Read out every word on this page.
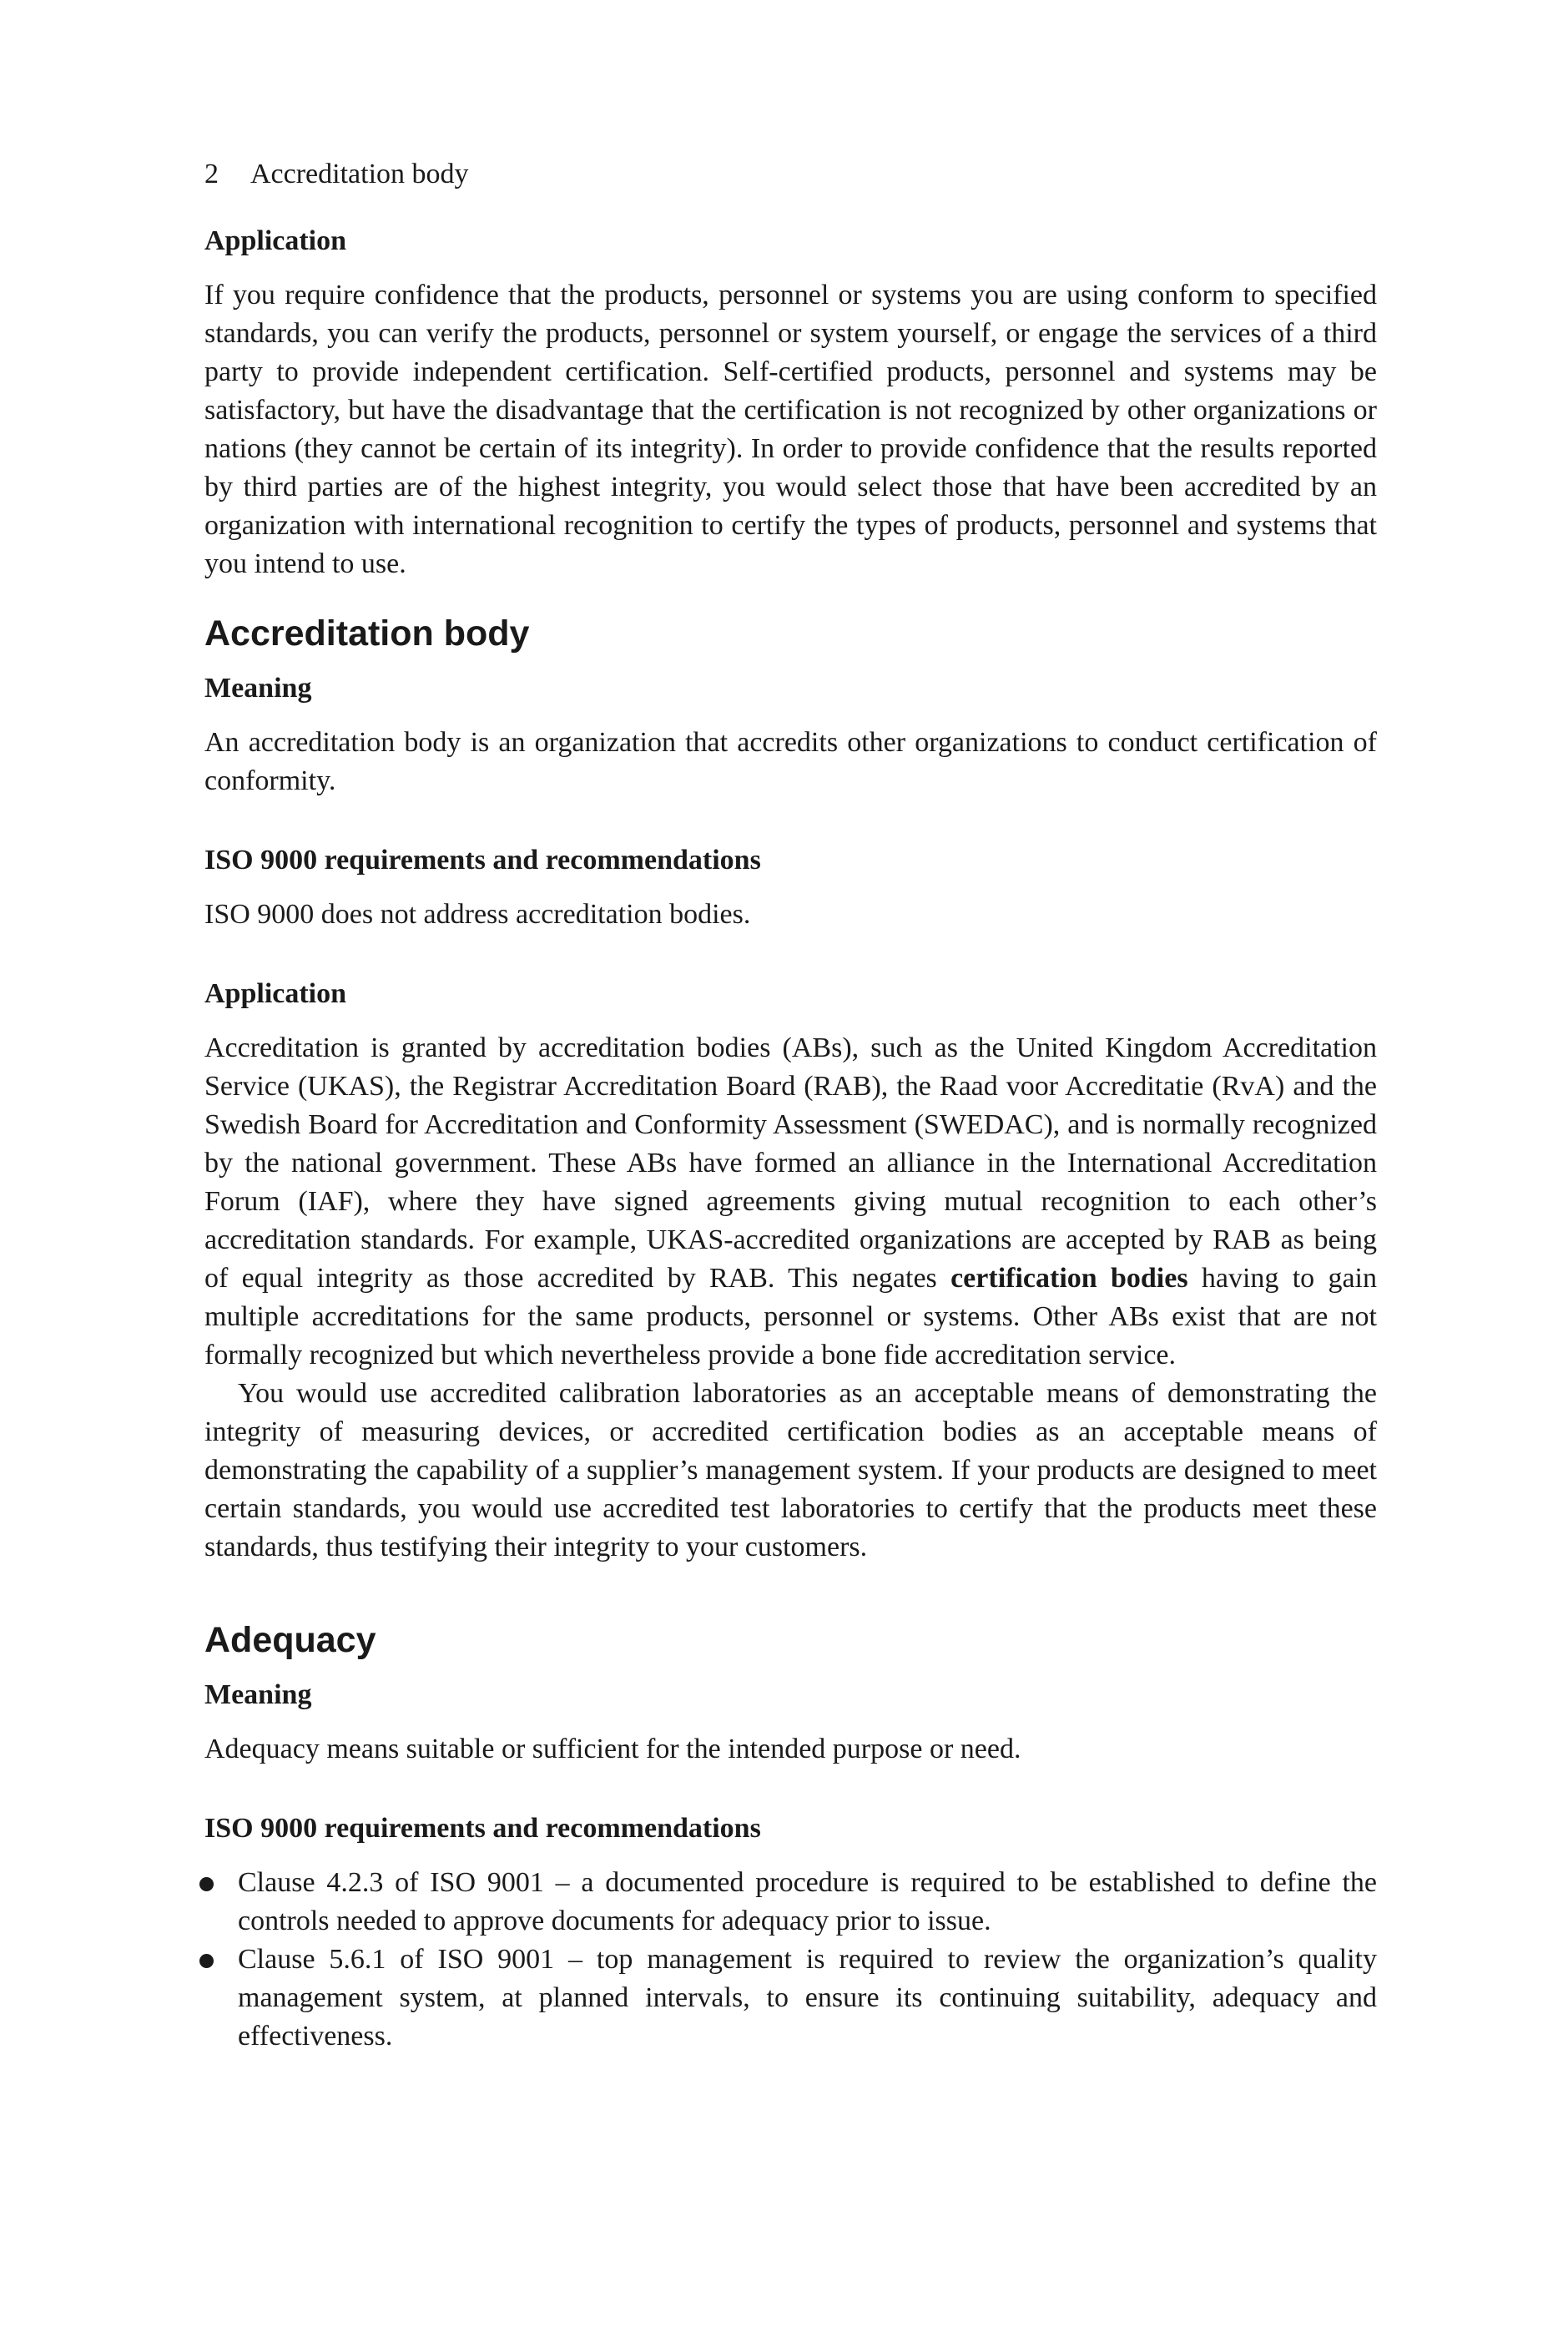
2 Accreditation body
Application

If you require confidence that the products, personnel or systems you are using conform to specified standards, you can verify the products, personnel or system yourself, or engage the services of a third party to provide independent certification. Self-certified products, personnel and systems may be satisfactory, but have the disadvantage that the certification is not recognized by other organizations or nations (they cannot be certain of its integrity). In order to provide confidence that the results reported by third parties are of the highest integrity, you would select those that have been accredited by an organization with international recognition to certify the types of products, personnel and systems that you intend to use.

Accreditation body
Meaning

An accreditation body is an organization that accredits other organizations to conduct certification of conformity.

ISO 9000 requirements and recommendations

ISO 9000 does not address accreditation bodies.

Application

Accreditation is granted by accreditation bodies (ABs), such as the United Kingdom Accreditation Service (UKAS), the Registrar Accreditation Board (RAB), the Raad voor Accreditatie (RvA) and the Swedish Board for Accreditation and Conformity Assessment (SWEDAC), and is normally recognized by the national government. These ABs have formed an alliance in the International Accreditation Forum (IAF), where they have signed agreements giving mutual recognition to each other’s accreditation standards. For example, UKAS-accredited organizations are accepted by RAB as being of equal integrity as those accredited by RAB. This negates certification bodies having to gain multiple accreditations for the same products, personnel or systems. Other ABs exist that are not formally recognized but which nevertheless provide a bone fide accreditation service.

You would use accredited calibration laboratories as an acceptable means of demonstrating the integrity of measuring devices, or accredited certification bodies as an acceptable means of demonstrating the capability of a supplier’s management system. If your products are designed to meet certain standards, you would use accredited test laboratories to certify that the products meet these standards, thus testifying their integrity to your customers.

Adequacy
Meaning

Adequacy means suitable or sufficient for the intended purpose or need.

ISO 9000 requirements and recommendations
Clause 4.2.3 of ISO 9001 – a documented procedure is required to be established to define the controls needed to approve documents for adequacy prior to issue.
Clause 5.6.1 of ISO 9001 – top management is required to review the organization’s quality management system, at planned intervals, to ensure its continuing suitability, adequacy and effectiveness.
